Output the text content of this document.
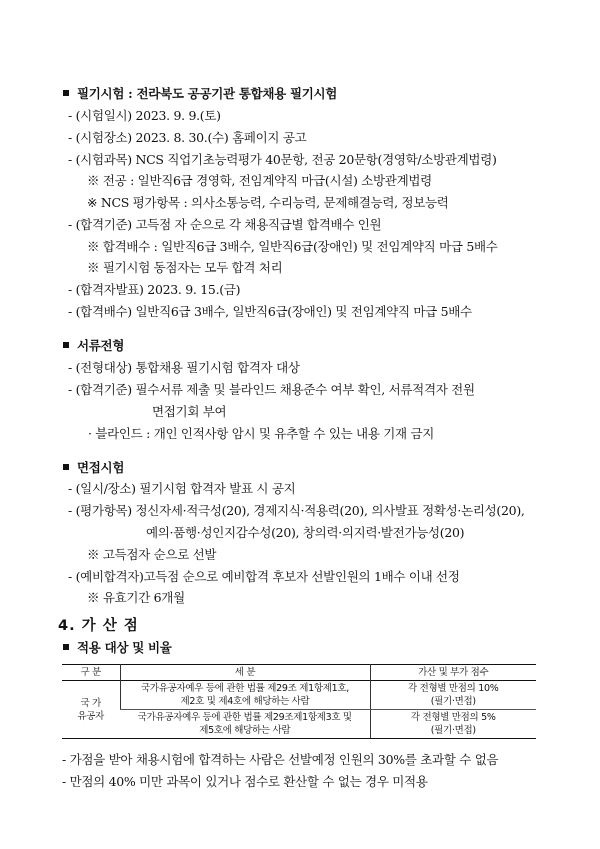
필기시험 : 전라북도 공공기관 통합채용 필기시험
- (시험일시) 2023. 9. 9.(토)
- (시험장소) 2023. 8. 30.(수) 홈페이지 공고
- (시험과목) NCS 직업기초능력평가 40문항, 전공 20문항(경영학/소방관계법령)
※ 전공 : 일반직6급 경영학, 전임계약직 마급(시설) 소방관계법령
※ NCS 평가항목 : 의사소통능력, 수리능력, 문제해결능력, 정보능력
- (합격기준) 고득점 자 순으로 각 채용직급별 합격배수 인원
※ 합격배수 : 일반직6급 3배수, 일반직6급(장애인) 및 전임계약직 마급 5배수
※ 필기시험 동점자는 모두 합격 처리
- (합격자발표) 2023. 9. 15.(금)
- (합격배수) 일반직6급 3배수, 일반직6급(장애인) 및 전임계약직 마급 5배수
서류전형
- (전형대상) 통합채용 필기시험 합격자 대상
- (합격기준) 필수서류 제출 및 블라인드 채용준수 여부 확인, 서류적격자 전원
면접기회 부여
· 블라인드 : 개인 인적사항 암시 및 유추할 수 있는 내용 기재 금지
면접시험
- (일시/장소) 필기시험 합격자 발표 시 공지
- (평가항목) 정신자세·적극성(20), 경제지식·적용력(20), 의사발표 정확성·논리성(20),
예의·품행·성인지감수성(20), 창의력·의지력·발전가능성(20)
※ 고득점자 순으로 선발
- (예비합격자)고득점 순으로 예비합격 후보자 선발인원의 1배수 이내 선정
※ 유효기간 6개월
4. 가 산 점
적용 대상 및 비율
구 분	세 분	가산 및 부가 점수
국 가
유공자	국가유공자예우 등에 관한 법률 제29조 제1항제1호,
제2호 및 제4호에 해당하는 사람	각 전형별 만점의 10%
(필기·면접)
	국가유공자예우 등에 관한 법률 제29조제1항제3호 및
제5호에 해당하는 사람	각 전형별 만점의 5%
(필기·면접)
- 가점을 받아 채용시험에 합격하는 사람은 선발예정 인원의 30%를 초과할 수 없음
- 만점의 40% 미만 과목이 있거나 점수로 환산할 수 없는 경우 미적용
